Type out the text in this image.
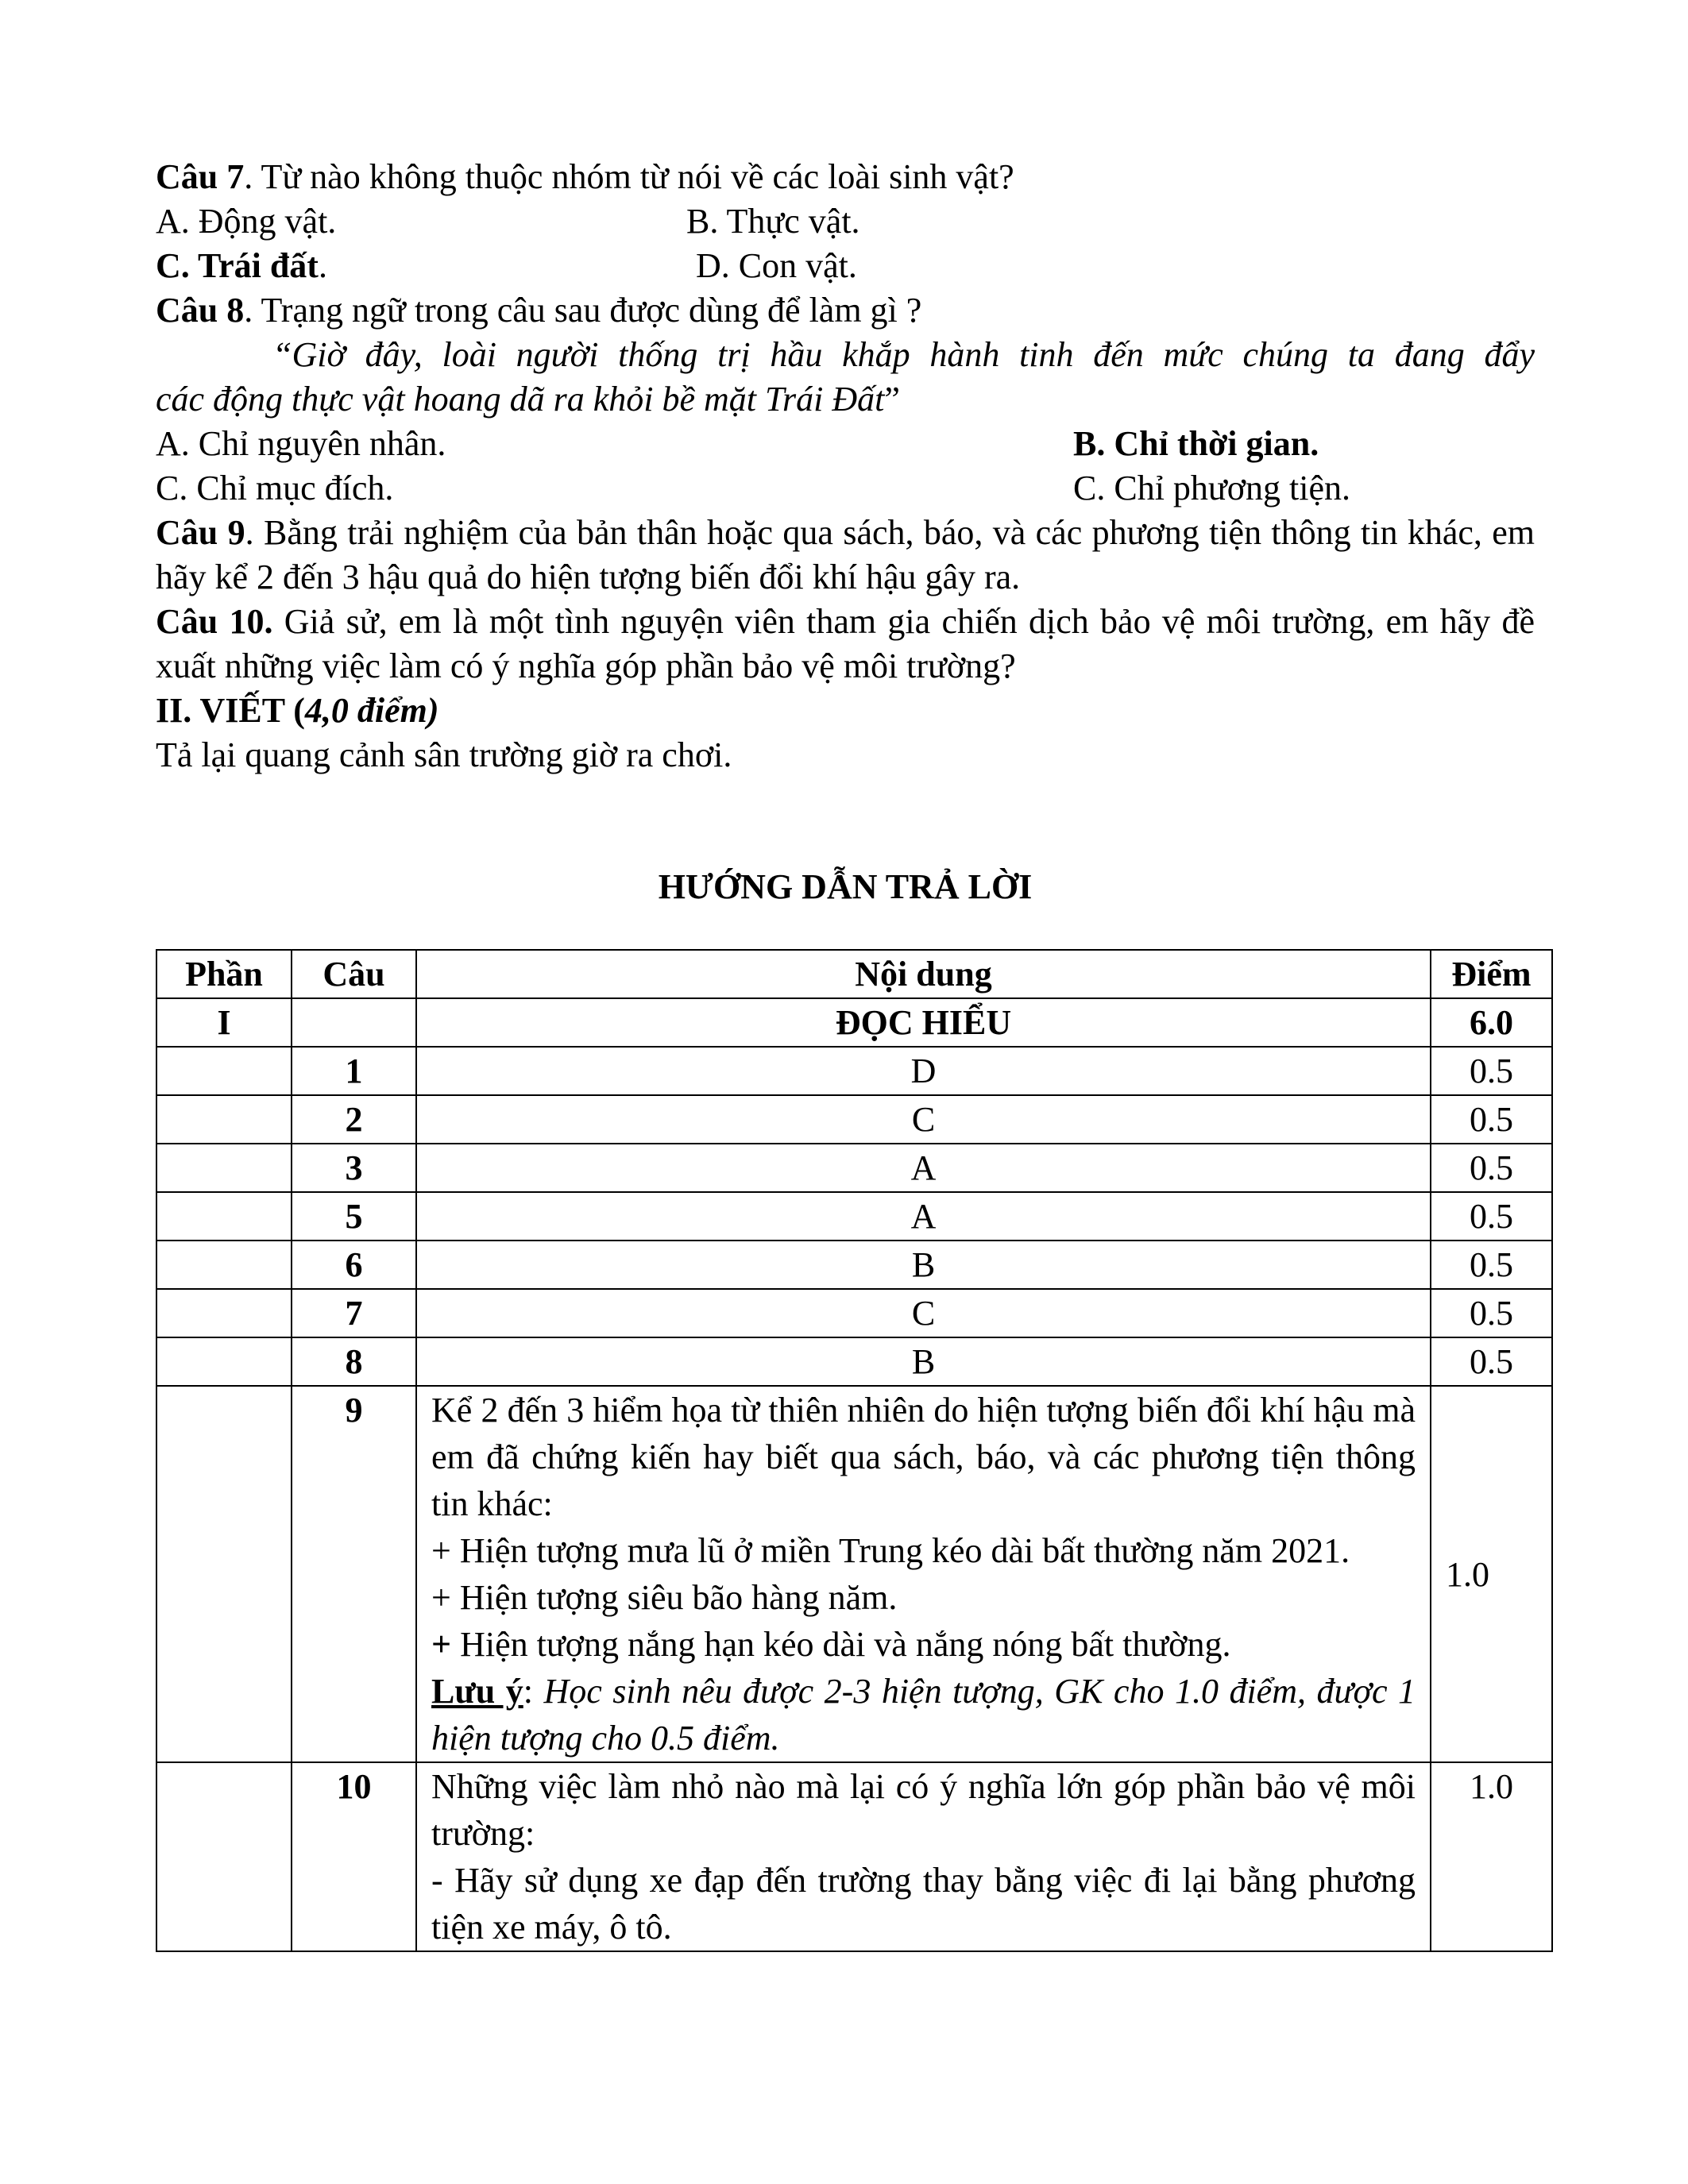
Câu 7. Từ nào không thuộc nhóm từ nói về các loài sinh vật?
A. Động vật.	B. Thực vật.
C. Trái đất.	D. Con vật.
Câu 8. Trạng ngữ trong câu sau được dùng để làm gì ?
“Giờ đây, loài người thống trị hầu khắp hành tinh đến mức chúng ta đang đẩy
các động thực vật hoang dã ra khỏi bề mặt Trái Đất”
A. Chỉ nguyên nhân.	B. Chỉ thời gian.
C. Chỉ mục đích.	C. Chỉ phương tiện.
Câu 9. Bằng trải nghiệm của bản thân hoặc qua sách, báo, và các phương tiện thông tin khác, em hãy kể 2 đến 3 hậu quả do hiện tượng biến đổi khí hậu gây ra.
Câu 10. Giả sử, em là một tình nguyện viên tham gia chiến dịch bảo vệ môi trường, em hãy đề xuất những việc làm có ý nghĩa góp phần bảo vệ môi trường?
II. VIẾT (4,0 điểm)
Tả lại quang cảnh sân trường giờ ra chơi.
HƯỚNG DẪN TRẢ LỜI
Phần	Câu	Nội dung	Điểm
I		ĐỌC HIỂU	6.0
	1	D	0.5
	2	C	0.5
	3	A	0.5
	5	A	0.5
	6	B	0.5
	7	C	0.5
	8	B	0.5
	9	Kể 2 đến 3 hiểm họa từ thiên nhiên do hiện tượng biến đổi khí hậu mà em đã chứng kiến hay biết qua sách, báo, và các phương tiện thông tin khác:
+ Hiện tượng mưa lũ ở miền Trung kéo dài bất thường năm 2021.
+ Hiện tượng siêu bão hàng năm.
+ Hiện tượng nắng hạn kéo dài và nắng nóng bất thường.
Lưu ý: Học sinh nêu được 2-3 hiện tượng, GK cho 1.0 điểm, được 1 hiện tượng cho 0.5 điểm.	1.0
	10	Những việc làm nhỏ nào mà lại có ý nghĩa lớn góp phần bảo vệ môi trường:
- Hãy sử dụng xe đạp đến trường thay bằng việc đi lại bằng phương tiện xe máy, ô tô.	1.0
